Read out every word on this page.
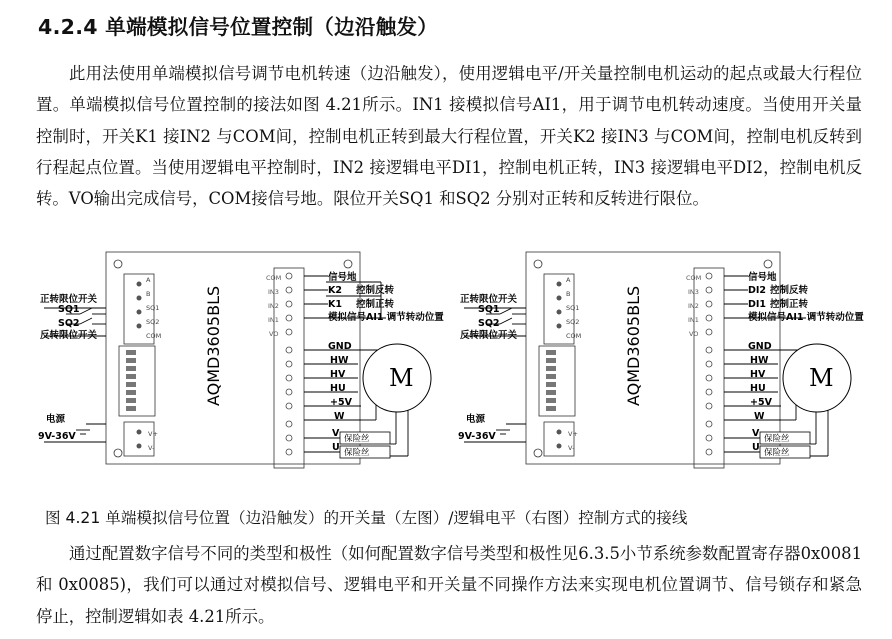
4.2.4 单端模拟信号位置控制（边沿触发）
此用法使用单端模拟信号调节电机转速（边沿触发），使用逻辑电平/开关量控制电机运动的起点或最大行程位置。单端模拟信号位置控制的接法如图 4.21所示。IN1 接模拟信号AI1，用于调节电机转动速度。当使用开关量控制时，开关K1 接IN2 与COM间，控制电机正转到最大行程位置，开关K2 接IN3 与COM间，控制电机反转到行程起点位置。当使用逻辑电平控制时，IN2 接逻辑电平DI1，控制电机正转，IN3 接逻辑电平DI2，控制电机反转。VO输出完成信号，COM接信号地。限位开关SQ1 和SQ2 分别对正转和反转进行限位。
A
B
SQ1
SQ2
COM
V+
V-
COM
IN3
IN2
IN1
VO
AQMD3605BLS
正转限位开关
SQ1
SQ2
反转限位开关
电源
9V-36V
信号地
K2 控制反转
K1 控制正转
模拟信号AI1 调节转动位置
GND
HW
HV
HU
+5V
W
V
U
保险丝
保险丝
M
A
B
SQ1
SQ2
COM
V+
V-
COM
IN3
IN2
IN1
VO
AQMD3605BLS
正转限位开关
SQ1
SQ2
反转限位开关
电源
9V-36V
信号地
DI2 控制反转
DI1 控制正转
模拟信号AI1 调节转动位置
GND
HW
HV
HU
+5V
W
V
U
保险丝
保险丝
M
图 4.21 单端模拟信号位置（边沿触发）的开关量（左图）/逻辑电平（右图）控制方式的接线
通过配置数字信号不同的类型和极性（如何配置数字信号类型和极性见6.3.5小节系统参数配置寄存器0x0081 和 0x0085)，我们可以通过对模拟信号、逻辑电平和开关量不同操作方法来实现电机位置调节、信号锁存和紧急停止，控制逻辑如表 4.21所示。
